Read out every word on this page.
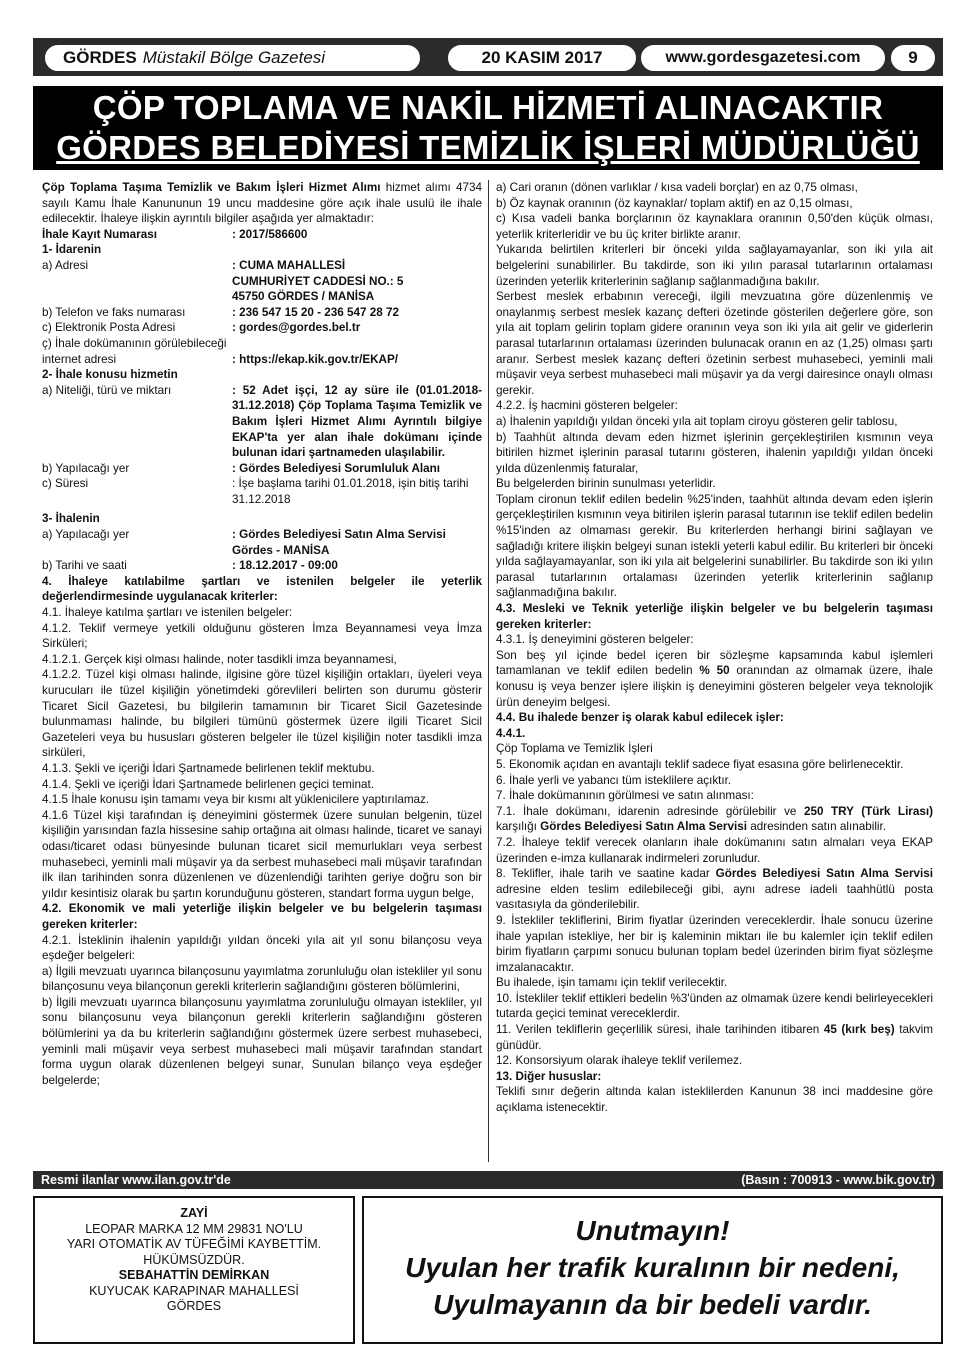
GÖRDES Müstakil Bölge Gazetesi	20 KASIM 2017	www.gordesgazetesi.com	9
ÇÖP TOPLAMA VE NAKİL HİZMETİ ALINACAKTIR
GÖRDES BELEDİYESİ TEMİZLİK İŞLERİ MÜDÜRLÜĞÜ

Çöp Toplama Taşıma Temizlik ve Bakım İşleri Hizmet Alımı hizmet alımı 4734 sayılı Kamu İhale Kanununun 19 uncu maddesine göre açık ihale usulü ile ihale edilecektir. İhaleye ilişkin ayrıntılı bilgiler aşağıda yer almaktadır:

İhale Kayıt Numarası	: 2017/586600

1- İdarenin

a) Adresi	: CUMA MAHALLESİ CUMHURİYET CADDESİ NO.: 5 45750 GÖRDES / MANİSA
b) Telefon ve faks numarası	: 236 547 15 20 - 236 547 28 72
c) Elektronik Posta Adresi	: gordes@gordes.bel.tr
ç) İhale dokümanının görülebileceği internet adresi	: https://ekap.kik.gov.tr/EKAP/

2- İhale konusu hizmetin

a) Niteliği, türü ve miktarı	: 52 Adet işçi, 12 ay süre ile (01.01.2018-31.12.2018) Çöp Toplama Taşıma Temizlik ve Bakım İşleri Hizmet Alımı Ayrıntılı bilgiye EKAP'ta yer alan ihale dokümanı içinde bulunan idari şartnameden ulaşılabilir.
b) Yapılacağı yer	: Gördes Belediyesi Sorumluluk Alanı
c) Süresi	: İşe başlama tarihi 01.01.2018, işin bitiş tarihi 31.12.2018

3- İhalenin

a) Yapılacağı yer	: Gördes Belediyesi Satın Alma Servisi Gördes - MANİSA
b) Tarihi ve saati	: 18.12.2017 - 09:00

4. İhaleye katılabilme şartları ve istenilen belgeler ile yeterlik değerlendirmesinde uygulanacak kriterler:

4.1. İhaleye katılma şartları ve istenilen belgeler:

4.1.2. Teklif vermeye yetkili olduğunu gösteren İmza Beyannamesi veya İmza Sirküleri;

4.1.2.1. Gerçek kişi olması halinde, noter tasdikli imza beyannamesi,

4.1.2.2. Tüzel kişi olması halinde, ilgisine göre tüzel kişiliğin ortakları, üyeleri veya kurucuları ile tüzel kişiliğin yönetimdeki görevlileri belirten son durumu gösterir Ticaret Sicil Gazetesi, bu bilgilerin tamamının bir Ticaret Sicil Gazetesinde bulunmaması halinde, bu bilgileri tümünü göstermek üzere ilgili Ticaret Sicil Gazeteleri veya bu hususları gösteren belgeler ile tüzel kişiliğin noter tasdikli imza sirküleri,

4.1.3. Şekli ve içeriği İdari Şartnamede belirlenen teklif mektubu.

4.1.4. Şekli ve içeriği İdari Şartnamede belirlenen geçici teminat.

4.1.5 İhale konusu işin tamamı veya bir kısmı alt yüklenicilere yaptırılamaz.

4.1.6 Tüzel kişi tarafından iş deneyimini göstermek üzere sunulan belgenin, tüzel kişiliğin yarısından fazla hissesine sahip ortağına ait olması halinde, ticaret ve sanayi odası/ticaret odası bünyesinde bulunan ticaret sicil memurlukları veya serbest muhasebeci, yeminli mali müşavir ya da serbest muhasebeci mali müşavir tarafından ilk ilan tarihinden sonra düzenlenen ve düzenlendiği tarihten geriye doğru son bir yıldır kesintisiz olarak bu şartın korunduğunu gösteren, standart forma uygun belge,

4.2. Ekonomik ve mali yeterliğe ilişkin belgeler ve bu belgelerin taşıması gereken kriterler:

4.2.1. İsteklinin ihalenin yapıldığı yıldan önceki yıla ait yıl sonu bilançosu veya eşdeğer belgeleri:

a) İlgili mevzuatı uyarınca bilançosunu yayımlatma zorunluluğu olan istekliler yıl sonu bilançosunu veya bilançonun gerekli kriterlerin sağlandığını gösteren bölümlerini,

b) İlgili mevzuatı uyarınca bilançosunu yayımlatma zorunluluğu olmayan istekliler, yıl sonu bilançosunu veya bilançonun gerekli kriterlerin sağlandığını gösteren bölümlerini ya da bu kriterlerin sağlandığını göstermek üzere serbest muhasebeci, yeminli mali müşavir veya serbest muhasebeci mali müşavir tarafından standart forma uygun olarak düzenlenen belgeyi sunar, Sunulan bilanço veya eşdeğer belgelerde;

a) Cari oranın (dönen varlıklar / kısa vadeli borçlar) en az 0,75 olması,

b) Öz kaynak oranının (öz kaynaklar/ toplam aktif) en az 0,15 olması,

c) Kısa vadeli banka borçlarının öz kaynaklara oranının 0,50'den küçük olması, yeterlik kriterleridir ve bu üç kriter birlikte aranır.

Yukarıda belirtilen kriterleri bir önceki yılda sağlayamayanlar, son iki yıla ait belgelerini sunabilirler. Bu takdirde, son iki yılın parasal tutarlarının ortalaması üzerinden yeterlik kriterlerinin sağlanıp sağlanmadığına bakılır.

Serbest meslek erbabının vereceği, ilgili mevzuatına göre düzenlenmiş ve onaylanmış serbest meslek kazanç defteri özetinde gösterilen değerlere göre, son yıla ait toplam gelirin toplam gidere oranının veya son iki yıla ait gelir ve giderlerin parasal tutarlarının ortalaması üzerinden bulunacak oranın en az (1,25) olması şartı aranır. Serbest meslek kazanç defteri özetinin serbest muhasebeci, yeminli mali müşavir veya serbest muhasebeci mali müşavir ya da vergi dairesince onaylı olması gerekir.

4.2.2. İş hacmini gösteren belgeler:

a) İhalenin yapıldığı yıldan önceki yıla ait toplam ciroyu gösteren gelir tablosu,

b) Taahhüt altında devam eden hizmet işlerinin gerçekleştirilen kısmının veya bitirilen hizmet işlerinin parasal tutarını gösteren, ihalenin yapıldığı yıldan önceki yılda düzenlenmiş faturalar,

Bu belgelerden birinin sunulması yeterlidir.

Toplam cironun teklif edilen bedelin %25'inden, taahhüt altında devam eden işlerin gerçekleştirilen kısmının veya bitirilen işlerin parasal tutarının ise teklif edilen bedelin %15'inden az olmaması gerekir. Bu kriterlerden herhangi birini sağlayan ve sağladığı kritere ilişkin belgeyi sunan istekli yeterli kabul edilir. Bu kriterleri bir önceki yılda sağlayamayanlar, son iki yıla ait belgelerini sunabilirler. Bu takdirde son iki yılın parasal tutarlarının ortalaması üzerinden yeterlik kriterlerinin sağlanıp sağlanmadığına bakılır.

4.3. Mesleki ve Teknik yeterliğe ilişkin belgeler ve bu belgelerin taşıması gereken kriterler:

4.3.1. İş deneyimini gösteren belgeler:

Son beş yıl içinde bedel içeren bir sözleşme kapsamında kabul işlemleri tamamlanan ve teklif edilen bedelin % 50 oranından az olmamak üzere, ihale konusu iş veya benzer işlere ilişkin iş deneyimini gösteren belgeler veya teknolojik ürün deneyim belgesi.

4.4. Bu ihalede benzer iş olarak kabul edilecek işler:

4.4.1.

Çöp Toplama ve Temizlik İşleri

5. Ekonomik açıdan en avantajlı teklif sadece fiyat esasına göre belirlenecektir.

6. İhale yerli ve yabancı tüm isteklilere açıktır.

7. İhale dokümanının görülmesi ve satın alınması:

7.1. İhale dokümanı, idarenin adresinde görülebilir ve 250 TRY (Türk Lirası) karşılığı Gördes Belediyesi Satın Alma Servisi adresinden satın alınabilir.

7.2. İhaleye teklif verecek olanların ihale dokümanını satın almaları veya EKAP üzerinden e-imza kullanarak indirmeleri zorunludur.

8. Teklifler, ihale tarih ve saatine kadar Gördes Belediyesi Satın Alma Servisi adresine elden teslim edilebileceği gibi, aynı adrese iadeli taahhütlü posta vasıtasıyla da gönderilebilir.

9. İstekliler tekliflerini, Birim fiyatlar üzerinden vereceklerdir. İhale sonucu üzerine ihale yapılan istekliye, her bir iş kaleminin miktarı ile bu kalemler için teklif edilen birim fiyatların çarpımı sonucu bulunan toplam bedel üzerinden birim fiyat sözleşme imzalanacaktır.

Bu ihalede, işin tamamı için teklif verilecektir.

10. İstekliler teklif ettikleri bedelin %3'ünden az olmamak üzere kendi belirleyecekleri tutarda geçici teminat vereceklerdir.

11. Verilen tekliflerin geçerlilik süresi, ihale tarihinden itibaren 45 (kırk beş) takvim günüdür.

12. Konsorsiyum olarak ihaleye teklif verilemez.

13. Diğer hususlar:

Teklifi sınır değerin altında kalan isteklilerden Kanunun 38 inci maddesine göre açıklama istenecektir.

Resmi ilanlar www.ilan.gov.tr'de	(Basın : 700913 - www.bik.gov.tr)
ZAYİ
LEOPAR MARKA 12 MM 29831 NO'LU
YARI OTOMATİK AV TÜFEĞİMİ KAYBETTİM.
HÜKÜMSÜZDÜR.
SEBAHATTİN DEMİRKAN
KUYUCAK KARAPINAR MAHALLESİ
GÖRDES
Unutmayın!
Uyulan her trafik kuralının bir nedeni,
Uyulmayanın da bir bedeli vardır.
